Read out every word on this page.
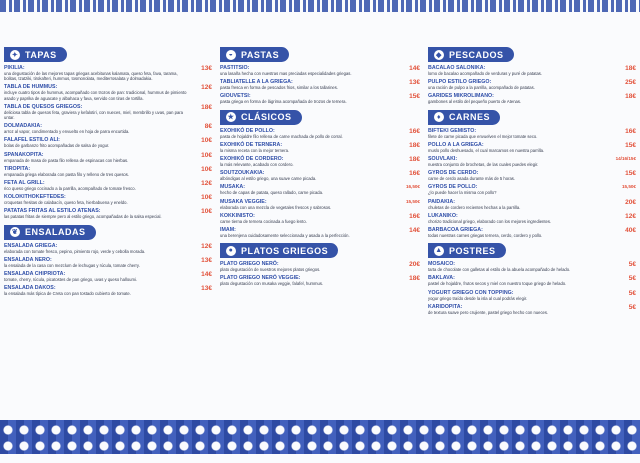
✦ TAPAS
PIKILIA:
una degustación de las mejores tapas griegas acebitunas kalamata, queso feta, fava, tarama, bolitas, tzatziki, tirokafteri, hummus, tosmonolata, mediterrosalata y dolmadakia.
13€
TABLA DE HUMMUS:
incluye cuatro tipos de hummus, acompañado con trozos de pan: tradicional, hummus de pimiento asado y paprika de aguacate y albahaca y fava, servido con tiras de tortilla.
12€
TABLA DE QUESOS GRIEGOS:
deliciosa tabla de quesos feta, graviera y kefalotiri, con nueces, miel, membrillo y uvas, pan para untar.
18€
DOLMADAKIA:
arroz al vapor, condimentado y envuelto en hoja de parra encurtida.
8€
FALAFEL ESTILO ALI:
bolas de garbanzo frito acompañadas de salsa de yogur.
10€
SPANAKOPITA:
empanada de masa de pasta filo rellena de espinacas con hierbas.
10€
TIROPITA:
empanada griega elaborada con pasta filo y relleno de tres quesos.
10€
FETA AL GRILL:
rico queso griego cocinado a la parrilla, acompañado de tomate fresco.
12€
KOLOKITHOKEFTEDES:
croquetas fresitas de calabacín, queso feta, hierbabuena y eneldo.
10€
PATATAS FRITAS AL ESTILO ATENAS:
las patatas fritas de siempre pero al estilo griego, acompañadas de la salsa especial.
10€
❦ ENSALADAS
ENSALADA GRIEGA:
elaborada con tomate fresco, pepino, pimiento rojo, verde y cebolla morada.
12€
ENSALADA NERO:
la ensalada de la casa con mezclum de lechugas y rúcula, tomate cherry.
13€
ENSALADA CHIPRIOTA:
tomate, cherry, rúcula, picatostes de pan griego, uvas y queso halloumi.
14€
ENSALADA DAKOS:
la ensalada más típica de Creta con pan tostado cubierto de tomate.
13€
◒ PASTAS
PASTITSIO:
una lasaña hecha con nuestras mas preciadas especialidades griegas.
14€
TABLIATELLE A LA GRIEGA:
pasta fresca en forma de pescados frios, similar a los tallarines.
13€
GIOUVETSI:
pasta griega en forma de lágrima acompañada de trozos de ternera.
15€
★ CLÁSICOS
EXOHIKÓ DE POLLO:
pasta de hojaldre filo rellena de carne machada de pollo de corral.
16€
EXOHIKÓ DE TERNERA:
la misma receta con la mejor ternera.
18€
EXOHIKÓ DE CORDERO:
la más relevante, acabado con cordero.
18€
SOUTZOUKAKIA:
albóndigas al estilo griego, una suave carne picada.
16€
MUSAKA:
hecho de capas de patata, queso rallado, carne picada.
16,50€
MUSAKA VEGGIE:
elaborada con una mezcla de vegetales frescos y sabrosos.
15,50€
KOKKINISTO:
carne tierna de ternera cocinada a fuego lento.
16€
IMAM:
una berenjena cuidadosamente seleccionada y asada a la perfección.
14€
● PLATOS GRIEGOS
PLATO GRIEGO NERÓ:
plato degustación de nuestros mejores platos griegos.
20€
PLATO GRIEGO NERÓ VEGGIE:
plato degustación con musaka veggie, falafel, hummus.
18€
◆ PESCADOS
BACALAO SALONIKA:
lomo de bacalao acompañado de verduras y puré de patatas.
18€
PULPO ESTILO GRIEGO:
una ración de pulpo a la parrilla, acompañado de patatas.
25€
GARIDES MIKROLIMANO:
gambones al estilo del pequeño puerto de Atenas.
18€
♦ CARNES
BIFTEKI GEMISTO:
filete de carne picada que envuelven el mejor tomate seco.
16€
POLLO A LA GRIEGA:
muslo pollo deshuesado, el cual marcamos en nuestra parrilla.
15€
SOUVLAKI:
nuestra conjunto de brochetas, de las cuales puedes elegir.
14/16/15€
GYROS DE CERDO:
carne de cerdo asada durante más de 5 horas.
15€
GYROS DE POLLO:
¿lo puede hacer la misma con pollo?
15,50€
PAIDAKIA:
chuletas de cordero recientes hechas a la parrilla.
20€
LUKANIKO:
chorizo tradicional griego, elaborado con los mejores ingredientes.
12€
BARBACOA GRIEGA:
todas nuestras carnes griegas ternera, cerdo, cordero y pollo.
40€
▲ POSTRES
MOSAICO:
tarta de chocolate con galletas al estilo de la abuela acompañado de helado.
5€
BAKLAVA:
pastel de hojaldre, frutos secos y miel con nuestro toque griego de helado.
5€
YOGURT GRIEGO CON TOPPING:
yogur griego traído desde la isla al cual podrás elegir.
5€
KARIDOPITA:
de textura suave pero crujiente, pastel griego hecho con nueces.
5€
